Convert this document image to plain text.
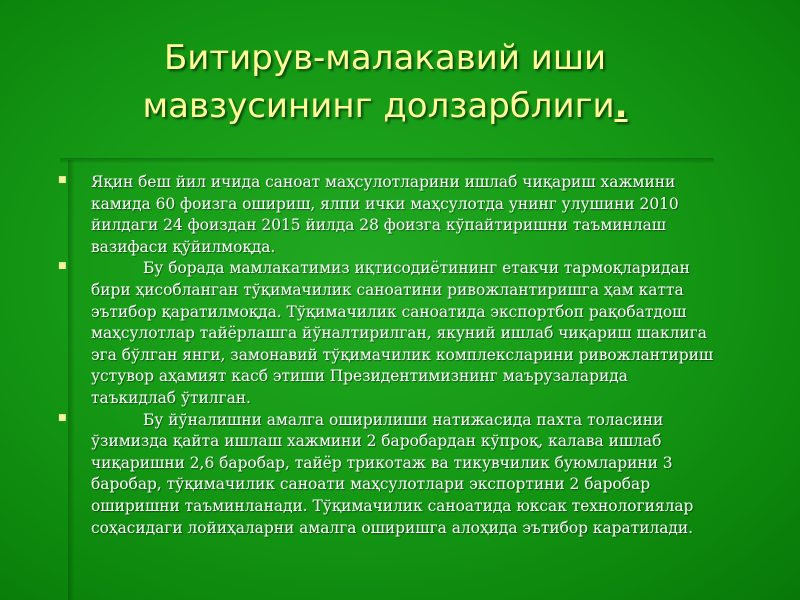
Битирув-малакавий иши
мавзусининг долзарблиги.
■ Яқин беш йил ичида саноат маҳсулотларини ишлаб чиқариш хажмини камида 60 фоизга ошириш, ялпи ички маҳсулотда унинг улушини 2010 йилдаги 24 фоиздан 2015 йилда 28 фоизга кўпайтиришни таъминлаш вазифаси қўйилмоқда.
■	Бу борада мамлакатимиз иқтисодиётининг етакчи тармоқларидан бири ҳисобланган тўқимачилик саноатини ривожлантиришга ҳам катта эътибор қаратилмоқда. Тўқимачилик саноатида экспортбоп рақобатдош маҳсулотлар тайёрлашга йўналтирилган, якуний ишлаб чиқариш шаклига эга бўлган янги, замонавий тўқимачилик комплексларини ривожлантириш устувор аҳамият касб этиши Президентимизнинг маърузаларида таъкидлаб ўтилган.
■	Бу йўналишни амалга оширилиши натижасида пахта толасини ўзимизда қайта ишлаш хажмини 2 баробардан кўпроқ, калава ишлаб чиқаришни 2,6 баробар, тайёр трикотаж ва тикувчилик буюмларини 3 баробар, тўқимачилик саноати маҳсулотлари экспортини 2 баробар оширишни таъминланади. Тўқимачилик саноатида юксак технологиялар соҳасидаги лойиҳаларни амалга оширишга алоҳида эътибор каратилади.
